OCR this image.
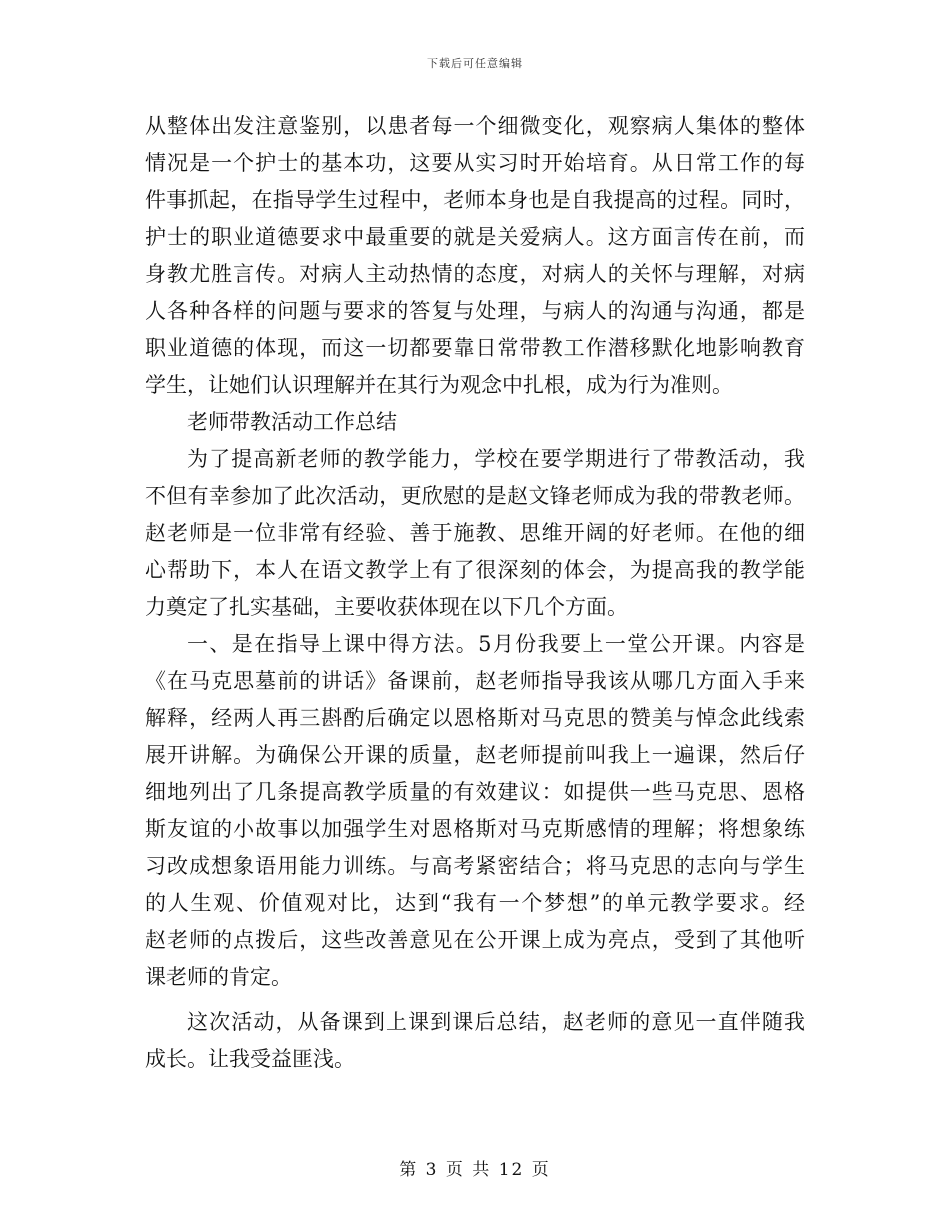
下载后可任意编辑
从整体出发注意鉴别，以患者每一个细微变化，观察病人集体的整体
情况是一个护士的基本功，这要从实习时开始培育。从日常工作的每
件事抓起，在指导学生过程中，老师本身也是自我提高的过程。同时，
护士的职业道德要求中最重要的就是关爱病人。这方面言传在前，而
身教尤胜言传。对病人主动热情的态度，对病人的关怀与理解，对病
人各种各样的问题与要求的答复与处理，与病人的沟通与沟通，都是
职业道德的体现，而这一切都要靠日常带教工作潜移默化地影响教育
学生，让她们认识理解并在其行为观念中扎根，成为行为准则。
老师带教活动工作总结
为了提高新老师的教学能力，学校在要学期进行了带教活动，我
不但有幸参加了此次活动，更欣慰的是赵文锋老师成为我的带教老师。
赵老师是一位非常有经验、善于施教、思维开阔的好老师。在他的细
心帮助下，本人在语文教学上有了很深刻的体会，为提高我的教学能
力奠定了扎实基础，主要收获体现在以下几个方面。
一、是在指导上课中得方法。5月份我要上一堂公开课。内容是
《在马克思墓前的讲话》备课前，赵老师指导我该从哪几方面入手来
解释，经两人再三斟酌后确定以恩格斯对马克思的赞美与悼念此线索
展开讲解。为确保公开课的质量，赵老师提前叫我上一遍课，然后仔
细地列出了几条提高教学质量的有效建议：如提供一些马克思、恩格
斯友谊的小故事以加强学生对恩格斯对马克斯感情的理解；将想象练
习改成想象语用能力训练。与高考紧密结合；将马克思的志向与学生
的人生观、价值观对比，达到“我有一个梦想”的单元教学要求。经
赵老师的点拨后，这些改善意见在公开课上成为亮点，受到了其他听
课老师的肯定。
这次活动，从备课到上课到课后总结，赵老师的意见一直伴随我
成长。让我受益匪浅。
第 3 页 共 12 页
